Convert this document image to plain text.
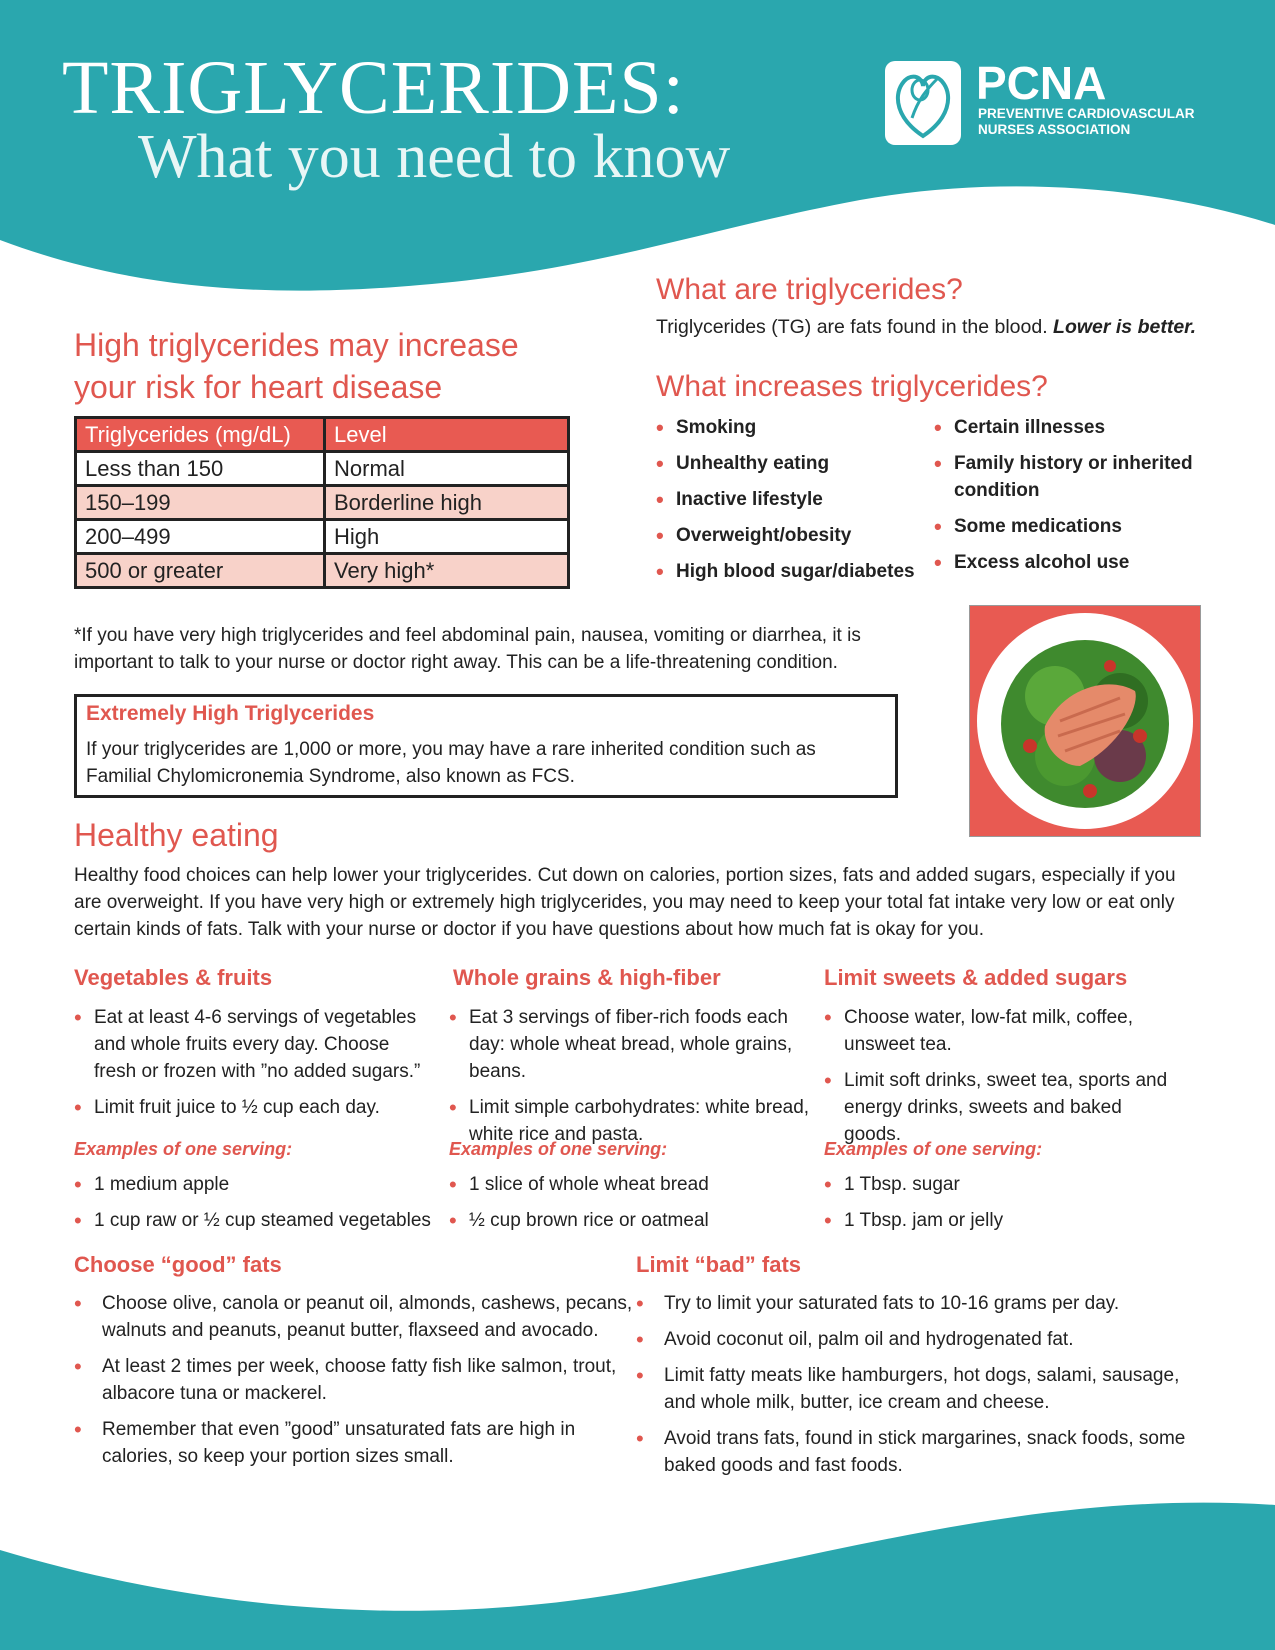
TRIGLYCERIDES:
What you need to know
PCNA
PREVENTIVE CARDIOVASCULAR
NURSES ASSOCIATION
What are triglycerides?
Triglycerides (TG) are fats found in the blood. Lower is better.
What increases triglycerides?
• Smoking
• Unhealthy eating
• Inactive lifestyle
• Overweight/obesity
• High blood sugar/diabetes
• Certain illnesses
• Family history or inherited condition
• Some medications
• Excess alcohol use
High triglycerides may increase
your risk for heart disease
Triglycerides (mg/dL)	Level
Less than 150	Normal
150–199	Borderline high
200–499	High
500 or greater	Very high*
*If you have very high triglycerides and feel abdominal pain, nausea, vomiting or diarrhea, it is
important to talk to your nurse or doctor right away. This can be a life-threatening condition.
Extremely High Triglycerides
If your triglycerides are 1,000 or more, you may have a rare inherited condition such as
Familial Chylomicronemia Syndrome, also known as FCS.
Healthy eating
Healthy food choices can help lower your triglycerides. Cut down on calories, portion sizes, fats and added sugars, especially if you
are overweight. If you have very high or extremely high triglycerides, you may need to keep your total fat intake very low or eat only
certain kinds of fats. Talk with your nurse or doctor if you have questions about how much fat is okay for you.
Vegetables & fruits
• Eat at least 4-6 servings of vegetables and whole fruits every day. Choose fresh or frozen with ”no added sugars.”
• Limit fruit juice to ½ cup each day.
Examples of one serving:
• 1 medium apple
• 1 cup raw or ½ cup steamed vegetables
Whole grains & high-fiber
• Eat 3 servings of fiber-rich foods each day: whole wheat bread, whole grains, beans.
• Limit simple carbohydrates: white bread, white rice and pasta.
Examples of one serving:
• 1 slice of whole wheat bread
• ½ cup brown rice or oatmeal
Limit sweets & added sugars
• Choose water, low-fat milk, coffee, unsweet tea.
• Limit soft drinks, sweet tea, sports and energy drinks, sweets and baked goods.
Examples of one serving:
• 1 Tbsp. sugar
• 1 Tbsp. jam or jelly
Choose “good” fats
• Choose olive, canola or peanut oil, almonds, cashews, pecans, walnuts and peanuts, peanut butter, flaxseed and avocado.
• At least 2 times per week, choose fatty fish like salmon, trout, albacore tuna or mackerel.
• Remember that even ”good” unsaturated fats are high in calories, so keep your portion sizes small.
Limit “bad” fats
• Try to limit your saturated fats to 10-16 grams per day.
• Avoid coconut oil, palm oil and hydrogenated fat.
• Limit fatty meats like hamburgers, hot dogs, salami, sausage, and whole milk, butter, ice cream and cheese.
• Avoid trans fats, found in stick margarines, snack foods, some baked goods and fast foods.
